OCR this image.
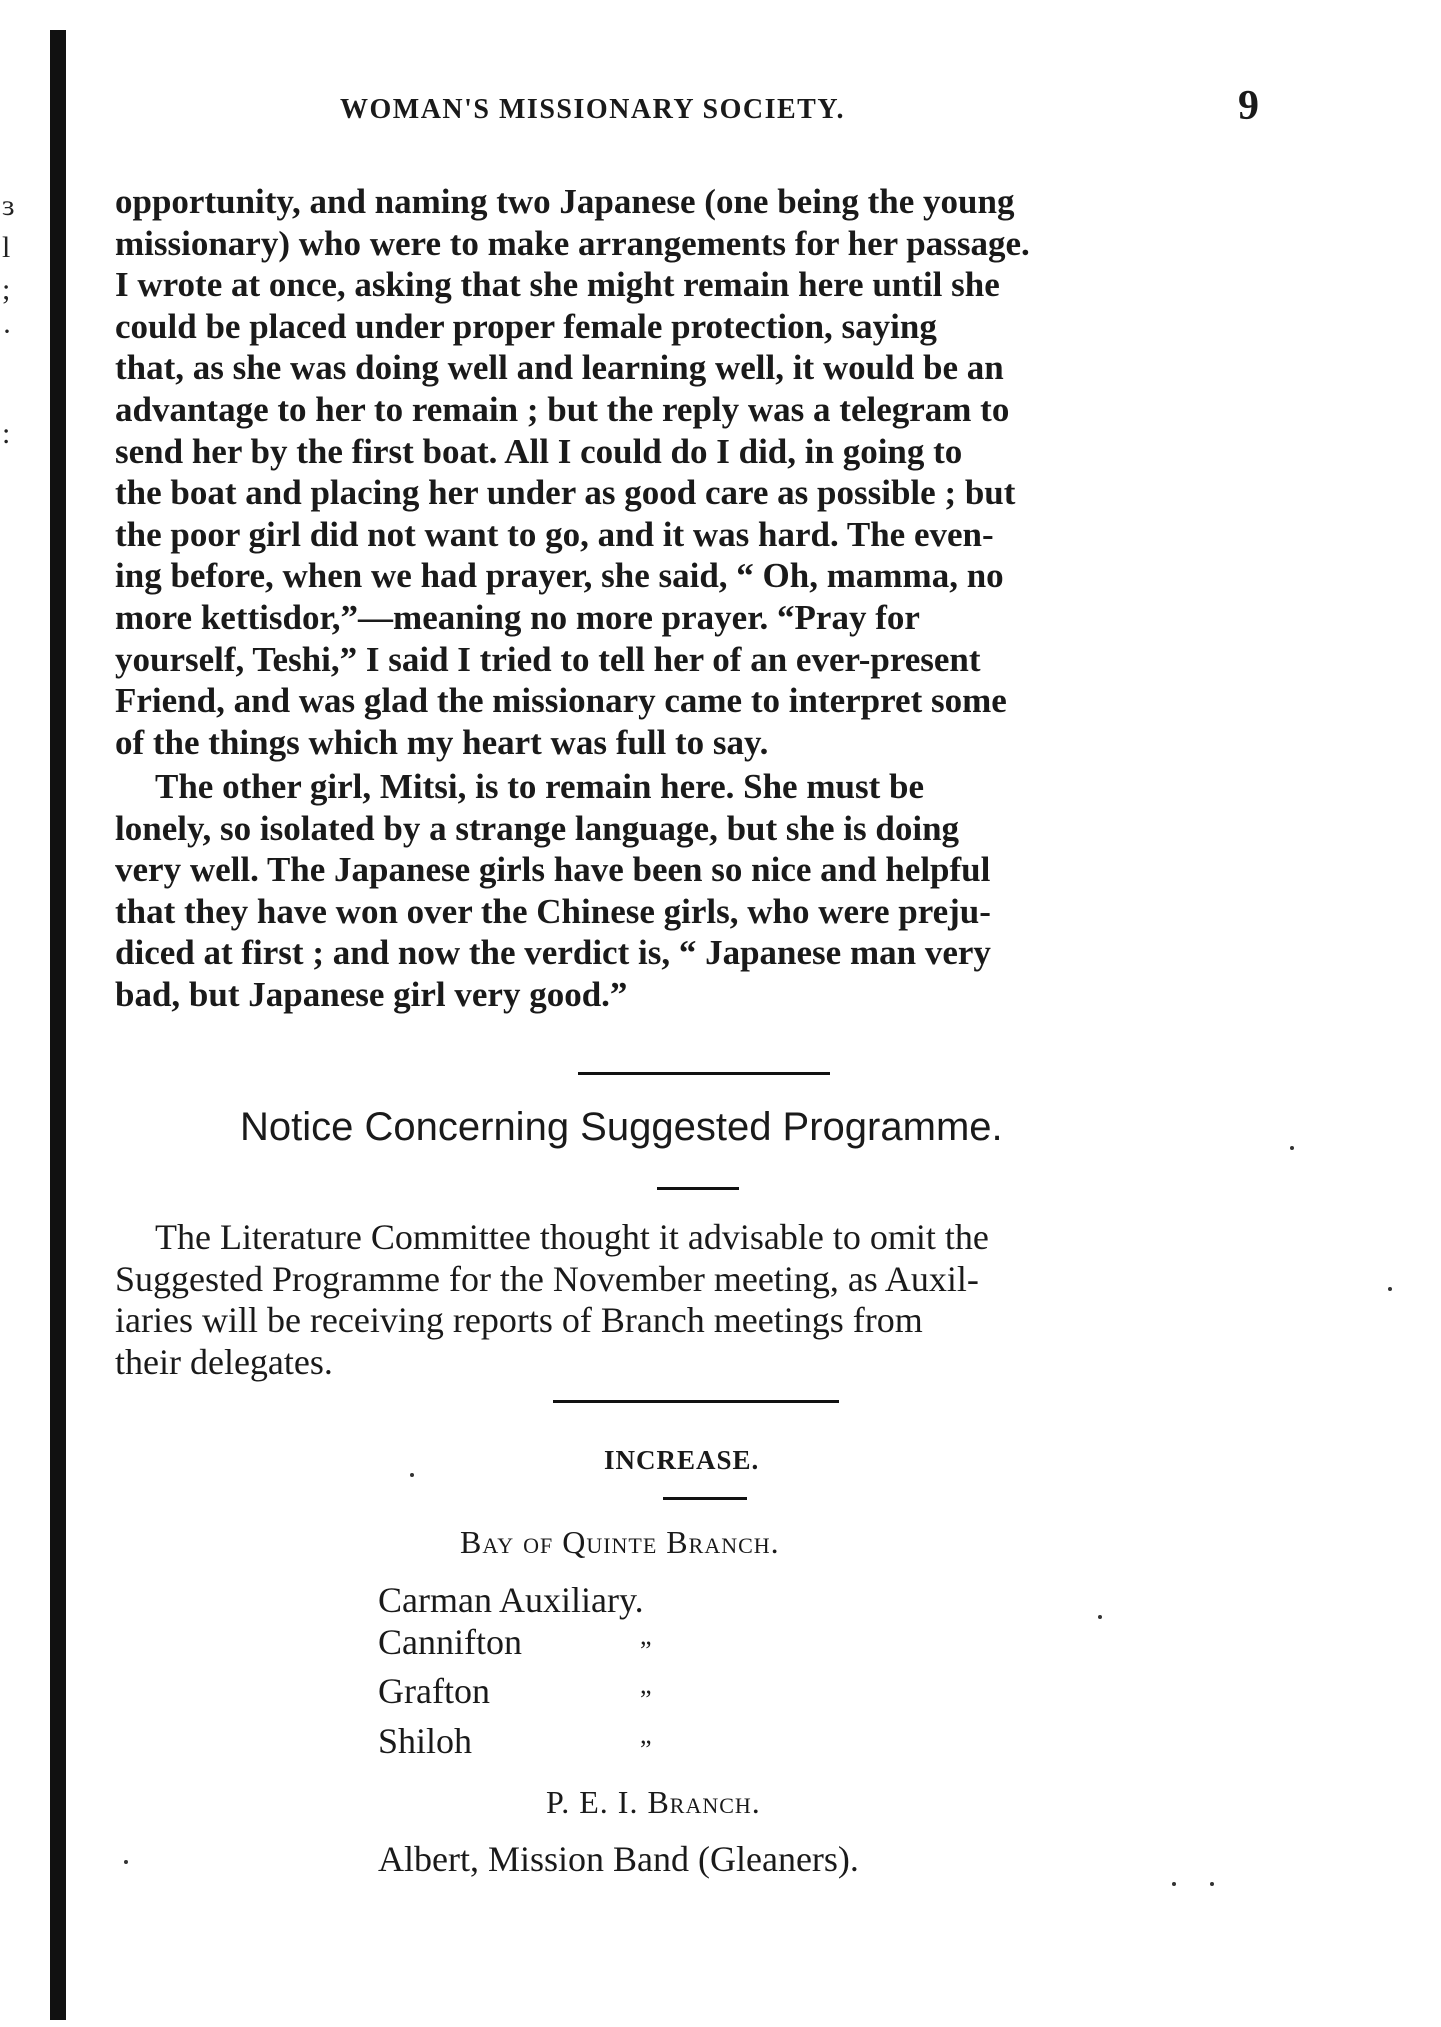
ɜ
l
;
·
:
WOMAN'S MISSIONARY SOCIETY.	9

opportunity, and naming two Japanese (one being the young

missionary) who were to make arrangements for her passage.

I wrote at once, asking that she might remain here until she

could be placed under proper female protection, saying

that, as she was doing well and learning well, it would be an

advantage to her to remain ; but the reply was a telegram to

send her by the first boat. All I could do I did, in going to

the boat and placing her under as good care as possible ; but

the poor girl did not want to go, and it was hard. The even-

ing before, when we had prayer, she said, “ Oh, mamma, no

more kettisdor,”—meaning no more prayer. “Pray for

yourself, Teshi,” I said I tried to tell her of an ever-present

Friend, and was glad the missionary came to interpret some

of the things which my heart was full to say.

The other girl, Mitsi, is to remain here. She must be

lonely, so isolated by a strange language, but she is doing

very well. The Japanese girls have been so nice and helpful

that they have won over the Chinese girls, who were preju-

diced at first ; and now the verdict is, “ Japanese man very

bad, but Japanese girl very good.”

Notice Concerning Suggested Programme.

The Literature Committee thought it advisable to omit the

Suggested Programme for the November meeting, as Auxil-

iaries will be receiving reports of Branch meetings from

their delegates.

INCREASE.
Bay of Quinte Branch.
Carman Auxiliary.
Cannifton	”
Grafton	”
Shiloh	”
P. E. I. Branch.
Albert, Mission Band (Gleaners).
